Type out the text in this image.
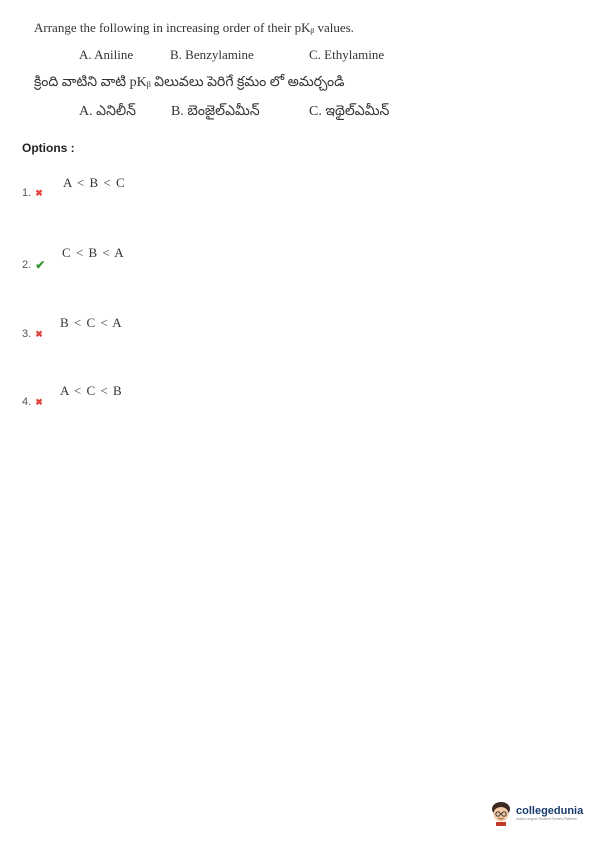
Arrange the following in increasing order of their pKᵦ values.
A. Aniline	B. Benzylamine	C. Ethylamine
క్రింది వాటిని వాటి pKᵦ విలువలు పెరిగే క్రమం లో అమర్చండి
A. ఎనిలీన్	B. బెంజైల్ఎమీన్	C. ఇథైల్ఎమీన్
Options :
1. ✖
A < B < C
2. ✔
C < B < A
3. ✖
B < C < A
4. ✖
A < C < B
collegedunia
India's largest Student Review Platform
